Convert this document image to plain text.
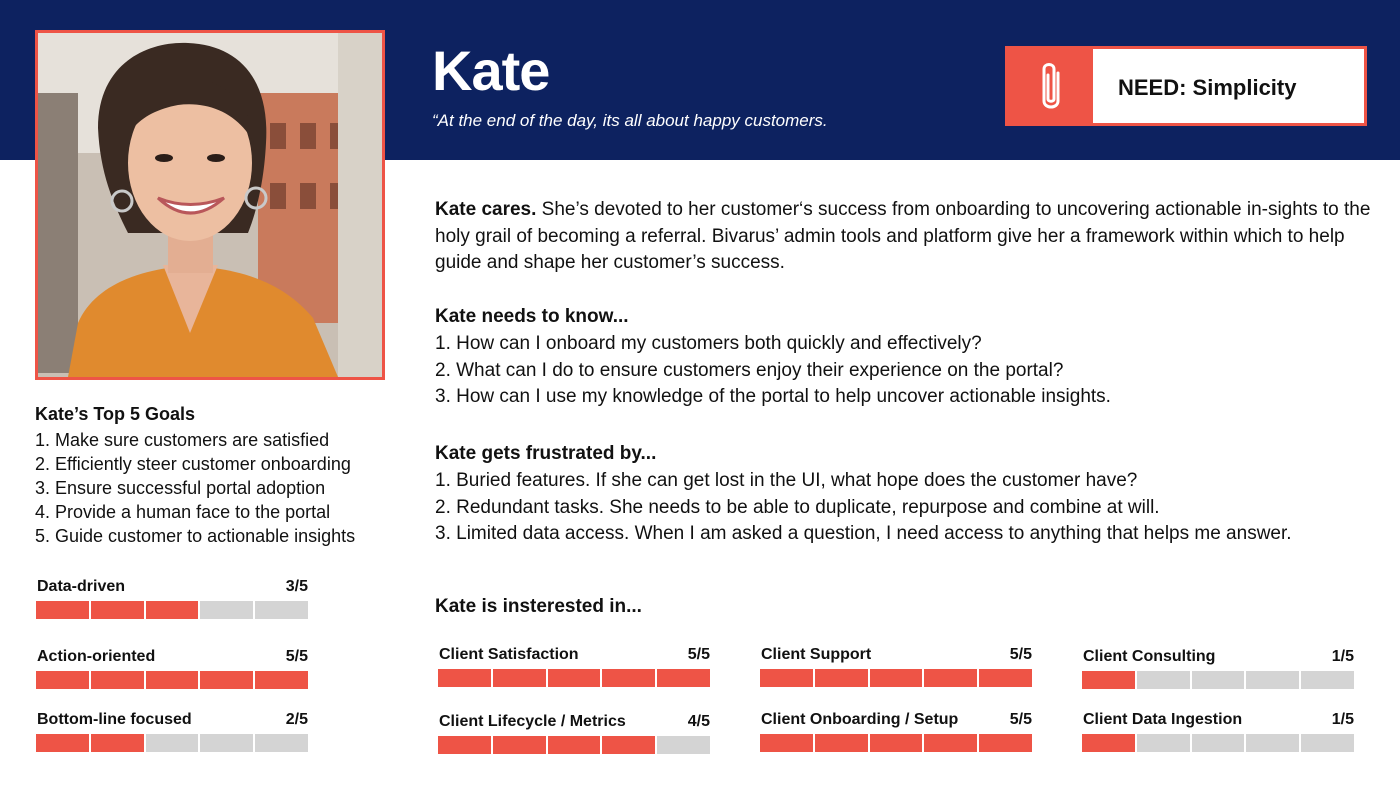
Kate
“At the end of the day, its all about happy customers.
NEED: Simplicity
Kate cares. She’s devoted to her customer‘s success from onboarding to uncovering actionable in-sights to the holy grail of becoming a referral. Bivarus’ admin tools and platform give her a framework within which to help guide and shape her customer’s success.
Kate needs to know...
1. How can I onboard my customers both quickly and effectively?
2. What can I do to ensure customers enjoy their experience on the portal?
3. How can I use my knowledge of the portal to help uncover actionable insights.
Kate gets frustrated by...
1. Buried features. If she can get lost in the UI, what hope does the customer have?
2. Redundant tasks. She needs to be able to duplicate, repurpose and combine at will.
3. Limited data access. When I am asked a question, I need access to anything that helps me answer.
Kate’s Top 5 Goals
1. Make sure customers are satisfied
2. Efficiently steer customer onboarding
3. Ensure successful portal adoption
4. Provide a human face to the portal
5. Guide customer to actionable insights
Data-driven	3/5
Action-oriented	5/5
Bottom-line focused	2/5
Kate is insterested in...
Client Satisfaction	5/5
Client Lifecycle / Metrics	4/5
Client Support	5/5
Client Onboarding / Setup	5/5
Client Consulting	1/5
Client Data Ingestion	1/5
